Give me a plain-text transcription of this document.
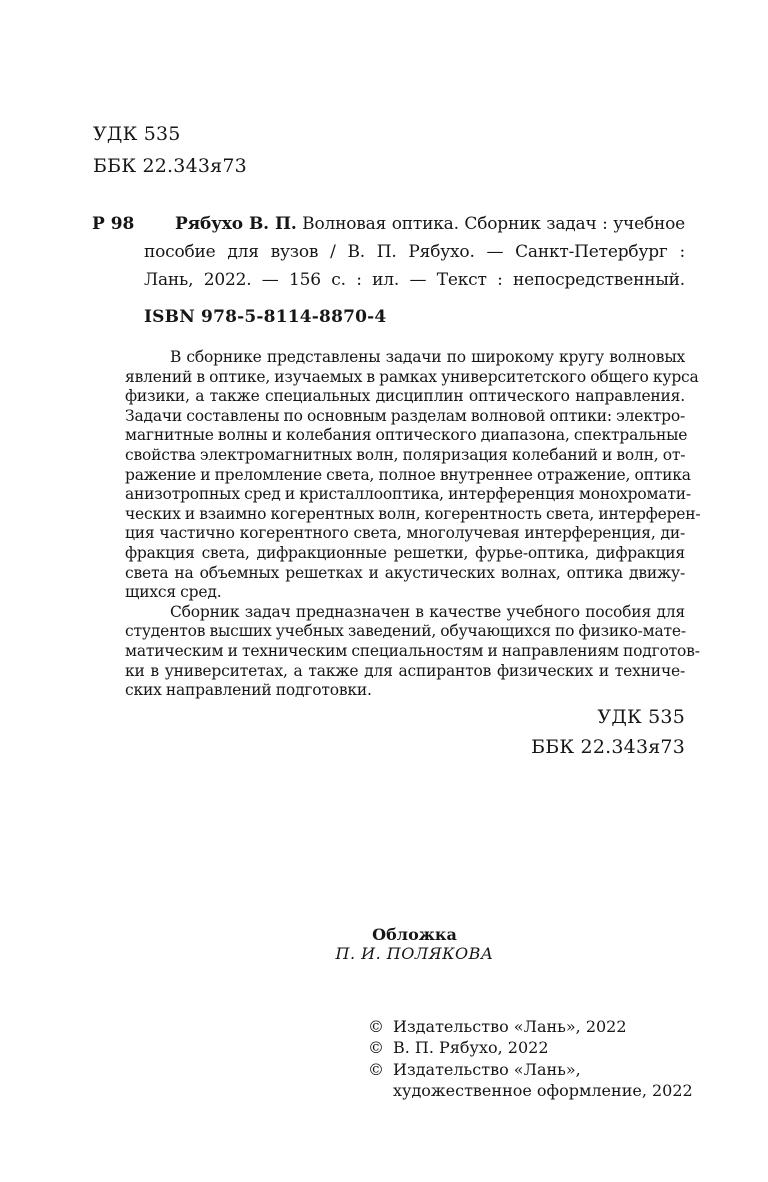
УДК 535
ББК 22.343я73
Р 98	Рябухо В. П. Волновая оптика. Сборник задач : учебное
пособие для вузов / В. П. Рябухо. — Санкт-Петербург :
Лань, 2022. — 156 с. : ил. — Текст : непосредственный.
ISBN 978-5-8114-8870-4
В сборнике представлены задачи по широкому кругу волновых
явлений в оптике, изучаемых в рамках университетского общего курса
физики, а также специальных дисциплин оптического направления.
Задачи составлены по основным разделам волновой оптики: электро-
магнитные волны и колебания оптического диапазона, спектральные
свойства электромагнитных волн, поляризация колебаний и волн, от-
ражение и преломление света, полное внутреннее отражение, оптика
анизотропных сред и кристаллооптика, интерференция монохромати-
ческих и взаимно когерентных волн, когерентность света, интерферен-
ция частично когерентного света, многолучевая интерференция, ди-
фракция света, дифракционные решетки, фурье-оптика, дифракция
света на объемных решетках и акустических волнах, оптика движу-
щихся сред.
Сборник задач предназначен в качестве учебного пособия для
студентов высших учебных заведений, обучающихся по физико-мате-
матическим и техническим специальностям и направлениям подготов-
ки в университетах, а также для аспирантов физических и техниче-
ских направлений подготовки.
УДК 535
ББК 22.343я73
Обложка
П. И. ПОЛЯКОВА
© Издательство «Лань», 2022
© В. П. Рябухо, 2022
© Издательство «Лань»,
художественное оформление, 2022
